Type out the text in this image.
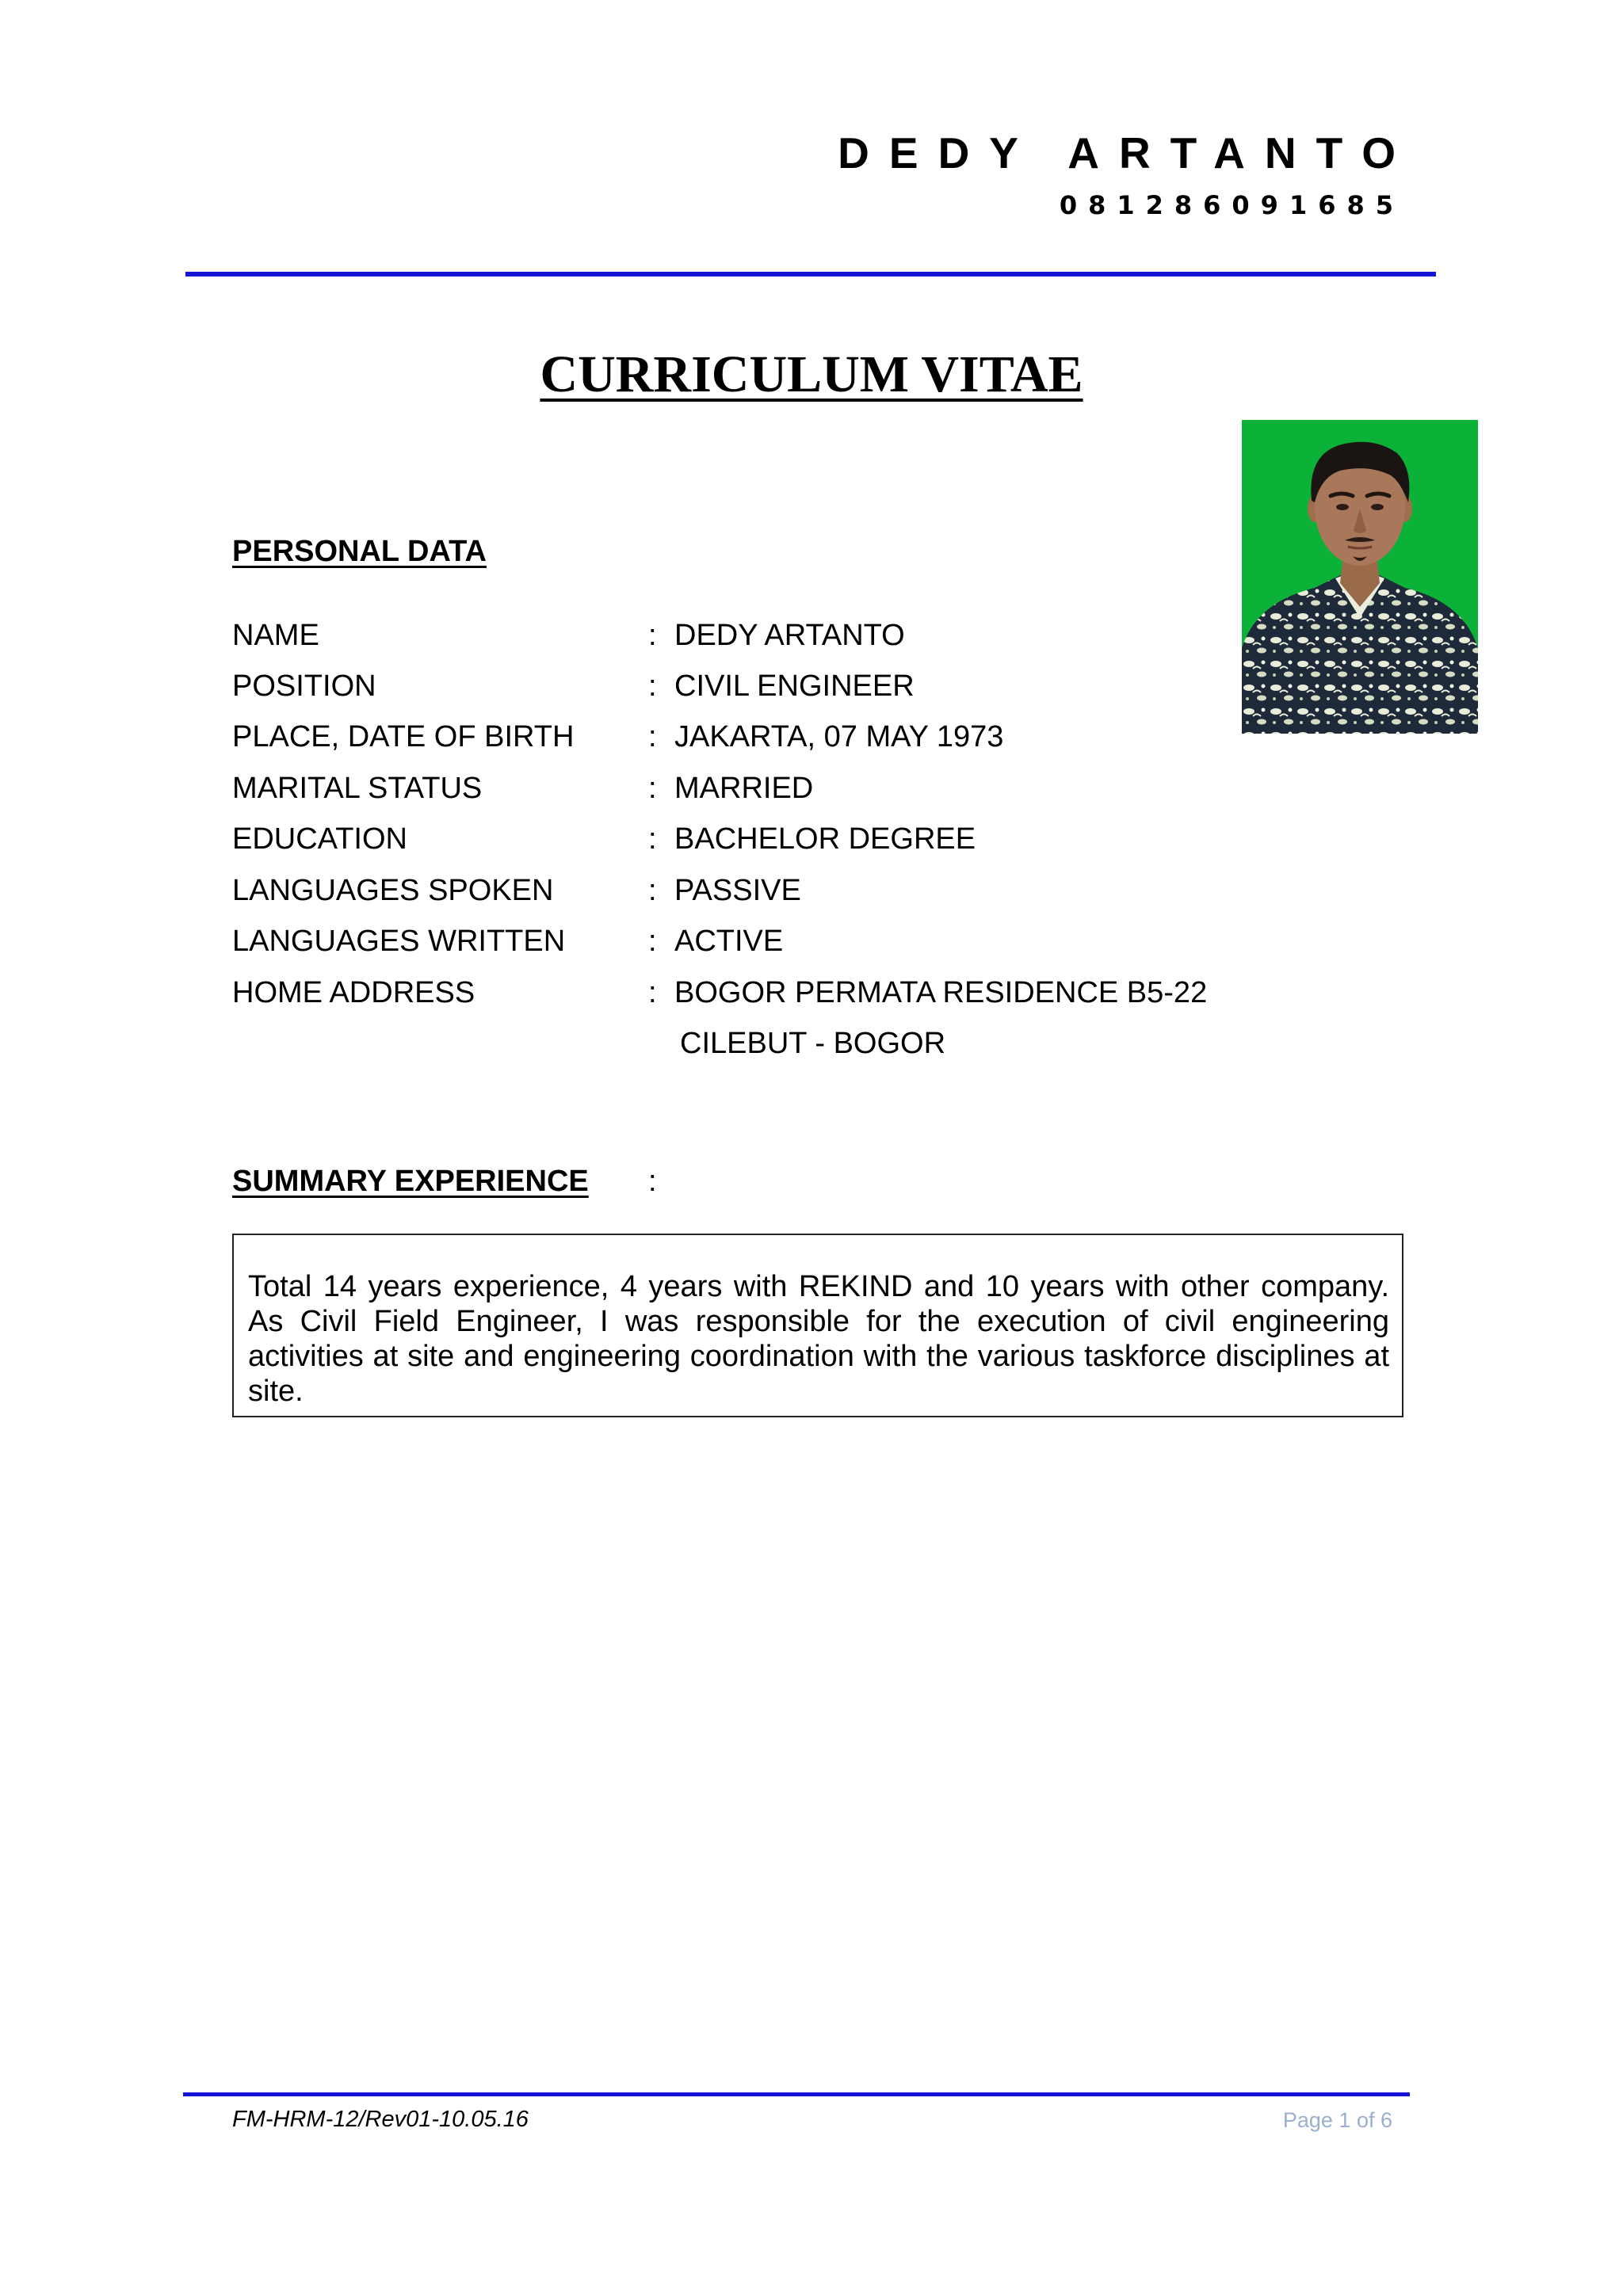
DEDY ARTANTO
081286091685
CURRICULUM VITAE
PERSONAL DATA
NAME	: DEDY ARTANTO
POSITION	: CIVIL ENGINEER
PLACE, DATE OF BIRTH : JAKARTA, 07 MAY 1973
MARITAL STATUS	: MARRIED
EDUCATION	: BACHELOR DEGREE
LANGUAGES SPOKEN	: PASSIVE
LANGUAGES WRITTEN	: ACTIVE
HOME ADDRESS	: BOGOR PERMATA RESIDENCE B5-22
CILEBUT - BOGOR
SUMMARY EXPERIENCE :
Total 14 years experience, 4 years with REKIND and 10 years with other company. As Civil Field Engineer, I was responsible for the execution of civil engineering activities at site and engineering coordination with the various taskforce disciplines at site.
FM-HRM-12/Rev01-10.05.16	Page 1 of 6
